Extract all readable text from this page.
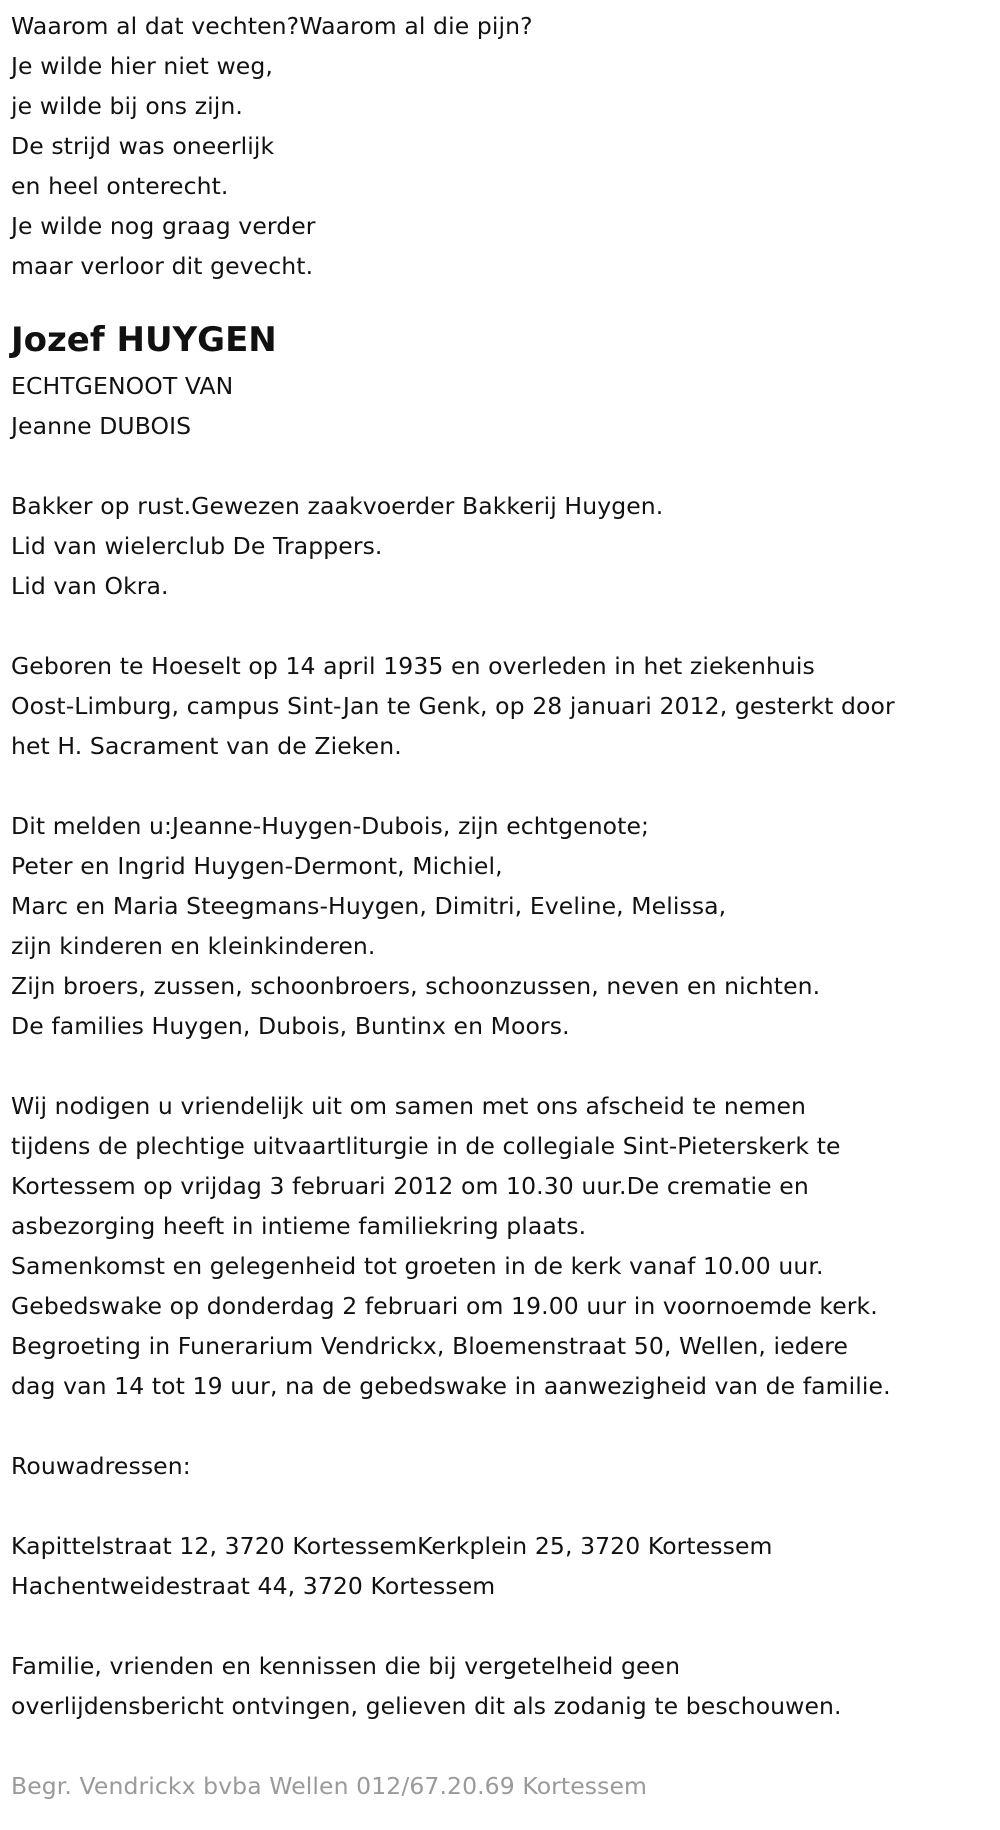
Waarom al dat vechten?Waarom al die pijn?
Je wilde hier niet weg,
je wilde bij ons zijn.
De strijd was oneerlijk
en heel onterecht.
Je wilde nog graag verder
maar verloor dit gevecht.
Jozef HUYGEN
ECHTGENOOT VAN
Jeanne DUBOIS
Bakker op rust.Gewezen zaakvoerder Bakkerij Huygen.
Lid van wielerclub De Trappers.
Lid van Okra.
Geboren te Hoeselt op 14 april 1935 en overleden in het ziekenhuis
Oost-Limburg, campus Sint-Jan te Genk, op 28 januari 2012, gesterkt door
het H. Sacrament van de Zieken.
Dit melden u:Jeanne-Huygen-Dubois, zijn echtgenote;
Peter en Ingrid Huygen-Dermont, Michiel,
Marc en Maria Steegmans-Huygen, Dimitri, Eveline, Melissa,
zijn kinderen en kleinkinderen.
Zijn broers, zussen, schoonbroers, schoonzussen, neven en nichten.
De families Huygen, Dubois, Buntinx en Moors.
Wij nodigen u vriendelijk uit om samen met ons afscheid te nemen
tijdens de plechtige uitvaartliturgie in de collegiale Sint-Pieterskerk te
Kortessem op vrijdag 3 februari 2012 om 10.30 uur.De crematie en
asbezorging heeft in intieme familiekring plaats.
Samenkomst en gelegenheid tot groeten in de kerk vanaf 10.00 uur.
Gebedswake op donderdag 2 februari om 19.00 uur in voornoemde kerk.
Begroeting in Funerarium Vendrickx, Bloemenstraat 50, Wellen, iedere
dag van 14 tot 19 uur, na de gebedswake in aanwezigheid van de familie.
Rouwadressen:
Kapittelstraat 12, 3720 KortessemKerkplein 25, 3720 Kortessem
Hachentweidestraat 44, 3720 Kortessem
Familie, vrienden en kennissen die bij vergetelheid geen
overlijdensbericht ontvingen, gelieven dit als zodanig te beschouwen.
Begr. Vendrickx bvba Wellen 012/67.20.69 Kortessem
